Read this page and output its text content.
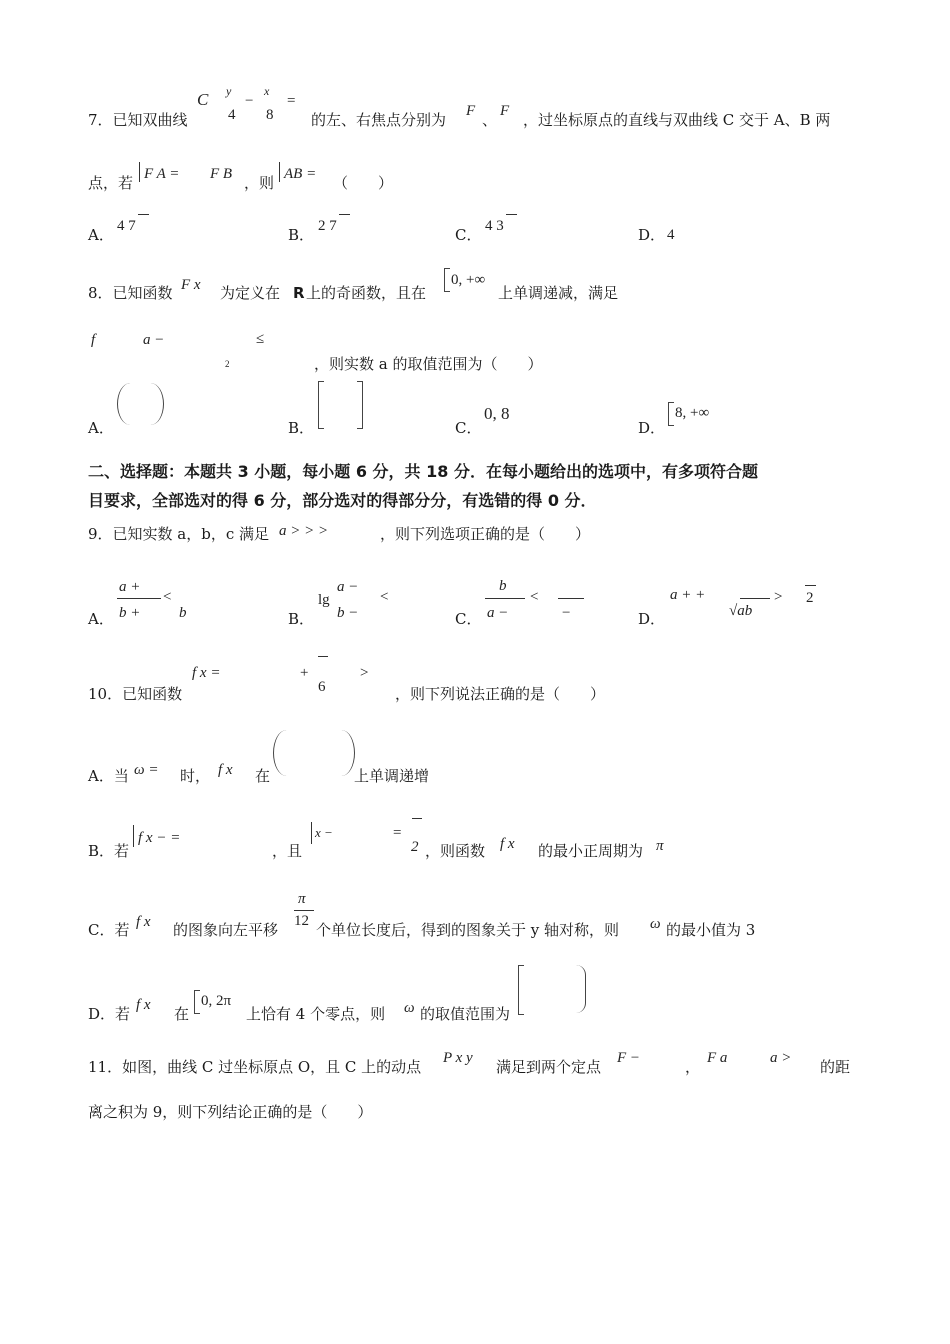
7．已知双曲线
C y
−
x
=
4 8	的左、右焦点分别为 F 、 F ，过坐标原点的直线与双曲线 C 交于 A、B 两
点，若 F A = F B ，则 AB = （　　）
A． 4 7	B． 2 7	C． 4 3	D． 4
8．已知函数 F x 为定义在 R 上的奇函数，且在
0, +∞
上单调递减，满足
f	a −
2
≤
，则实数 a 的取值范围为（　　）
A．	B．	C．
0, 8
D．
8, +∞
二、选择题：本题共 3 小题，每小题 6 分，共 18 分．在每小题给出的选项中，有多项符合题
目要求，全部选对的得 6 分，部分选对的得部分分，有选错的得 0 分．
9．已知实数 a，b，c 满足 a > > >	，则下列选项正确的是（　　）
A．
a +
b +
<
b	B．
lg
a −
b −
<
C．
b
a −
<
−	D．
a + +
√ab
> 2
10．已知函数
f x =	+
6
>
，则下列说法正确的是（　　）
A．当 ω = 时， f x 在	上单调递增
B．若
f x − =
，且
x −	=
2 ，则函数 f x 的最小正周期为 π
C．若 f x 的图象向左平移
π
12 个单位长度后，得到的图象关于 y 轴对称，则 ω 的最小值为 3
D．若 f x 在
0, 2π
上恰有 4 个零点，则 ω 的取值范围为
11．如图，曲线 C 过坐标原点 O，且 C 上的动点 P x y 满足到两个定点 F −	， F a	a > 的距
离之积为 9，则下列结论正确的是（　　）
